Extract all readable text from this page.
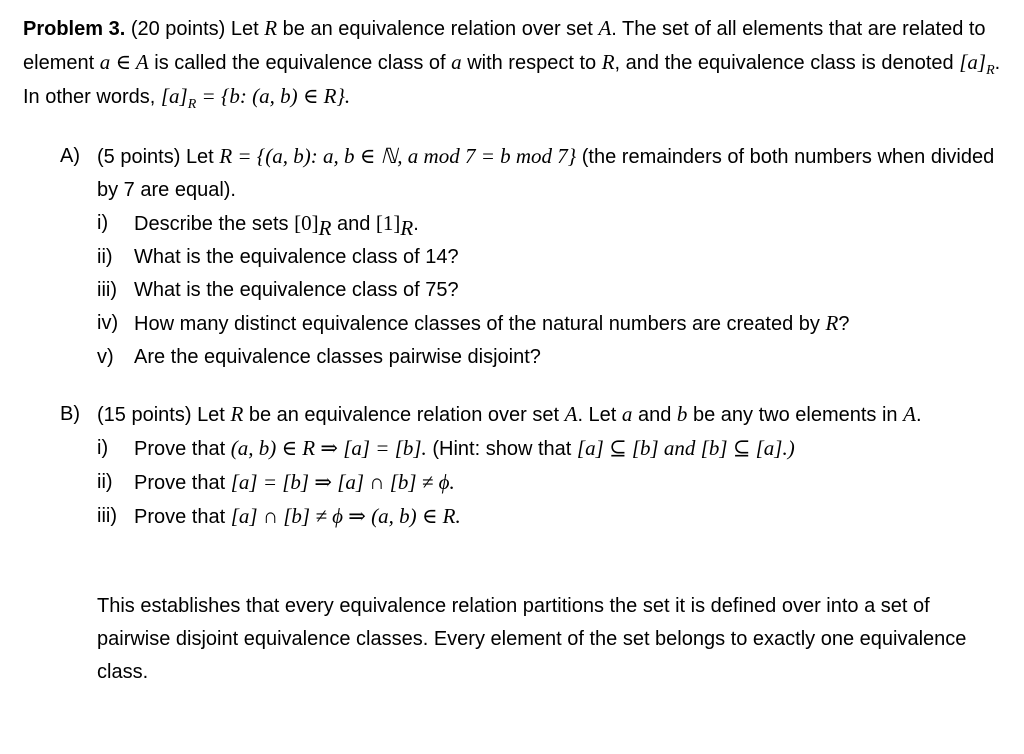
Problem 3. (20 points) Let R be an equivalence relation over set A. The set of all elements that are related to element a ∈ A is called the equivalence class of a with respect to R, and the equivalence class is denoted $[a]_R$. In other words, $[a]_R = \{b$: (a, b) ∈ R}.
A) (5 points) Let R = {(a, b): a, b ∈ ℕ, a mod 7 = b mod 7} (the remainders of both numbers when divided by 7 are equal).
i) Describe the sets $[0]_R$ and $[1]_R$.
ii) What is the equivalence class of 14?
iii) What is the equivalence class of 75?
iv) How many distinct equivalence classes of the natural numbers are created by R?
v) Are the equivalence classes pairwise disjoint?
B) (15 points) Let R be an equivalence relation over set A. Let a and b be any two elements in A.
i) Prove that (a, b) ∈ R ⇒ [a] = [b]. (Hint: show that [a] ⊆ [b] and [b] ⊆ [a].)
ii) Prove that [a] = [b] ⇒ [a] ∩ [b] ≠ ϕ.
iii) Prove that [a] ∩ [b] ≠ ϕ ⇒ (a, b) ∈ R.
This establishes that every equivalence relation partitions the set it is defined over into a set of pairwise disjoint equivalence classes. Every element of the set belongs to exactly one equivalence class.
